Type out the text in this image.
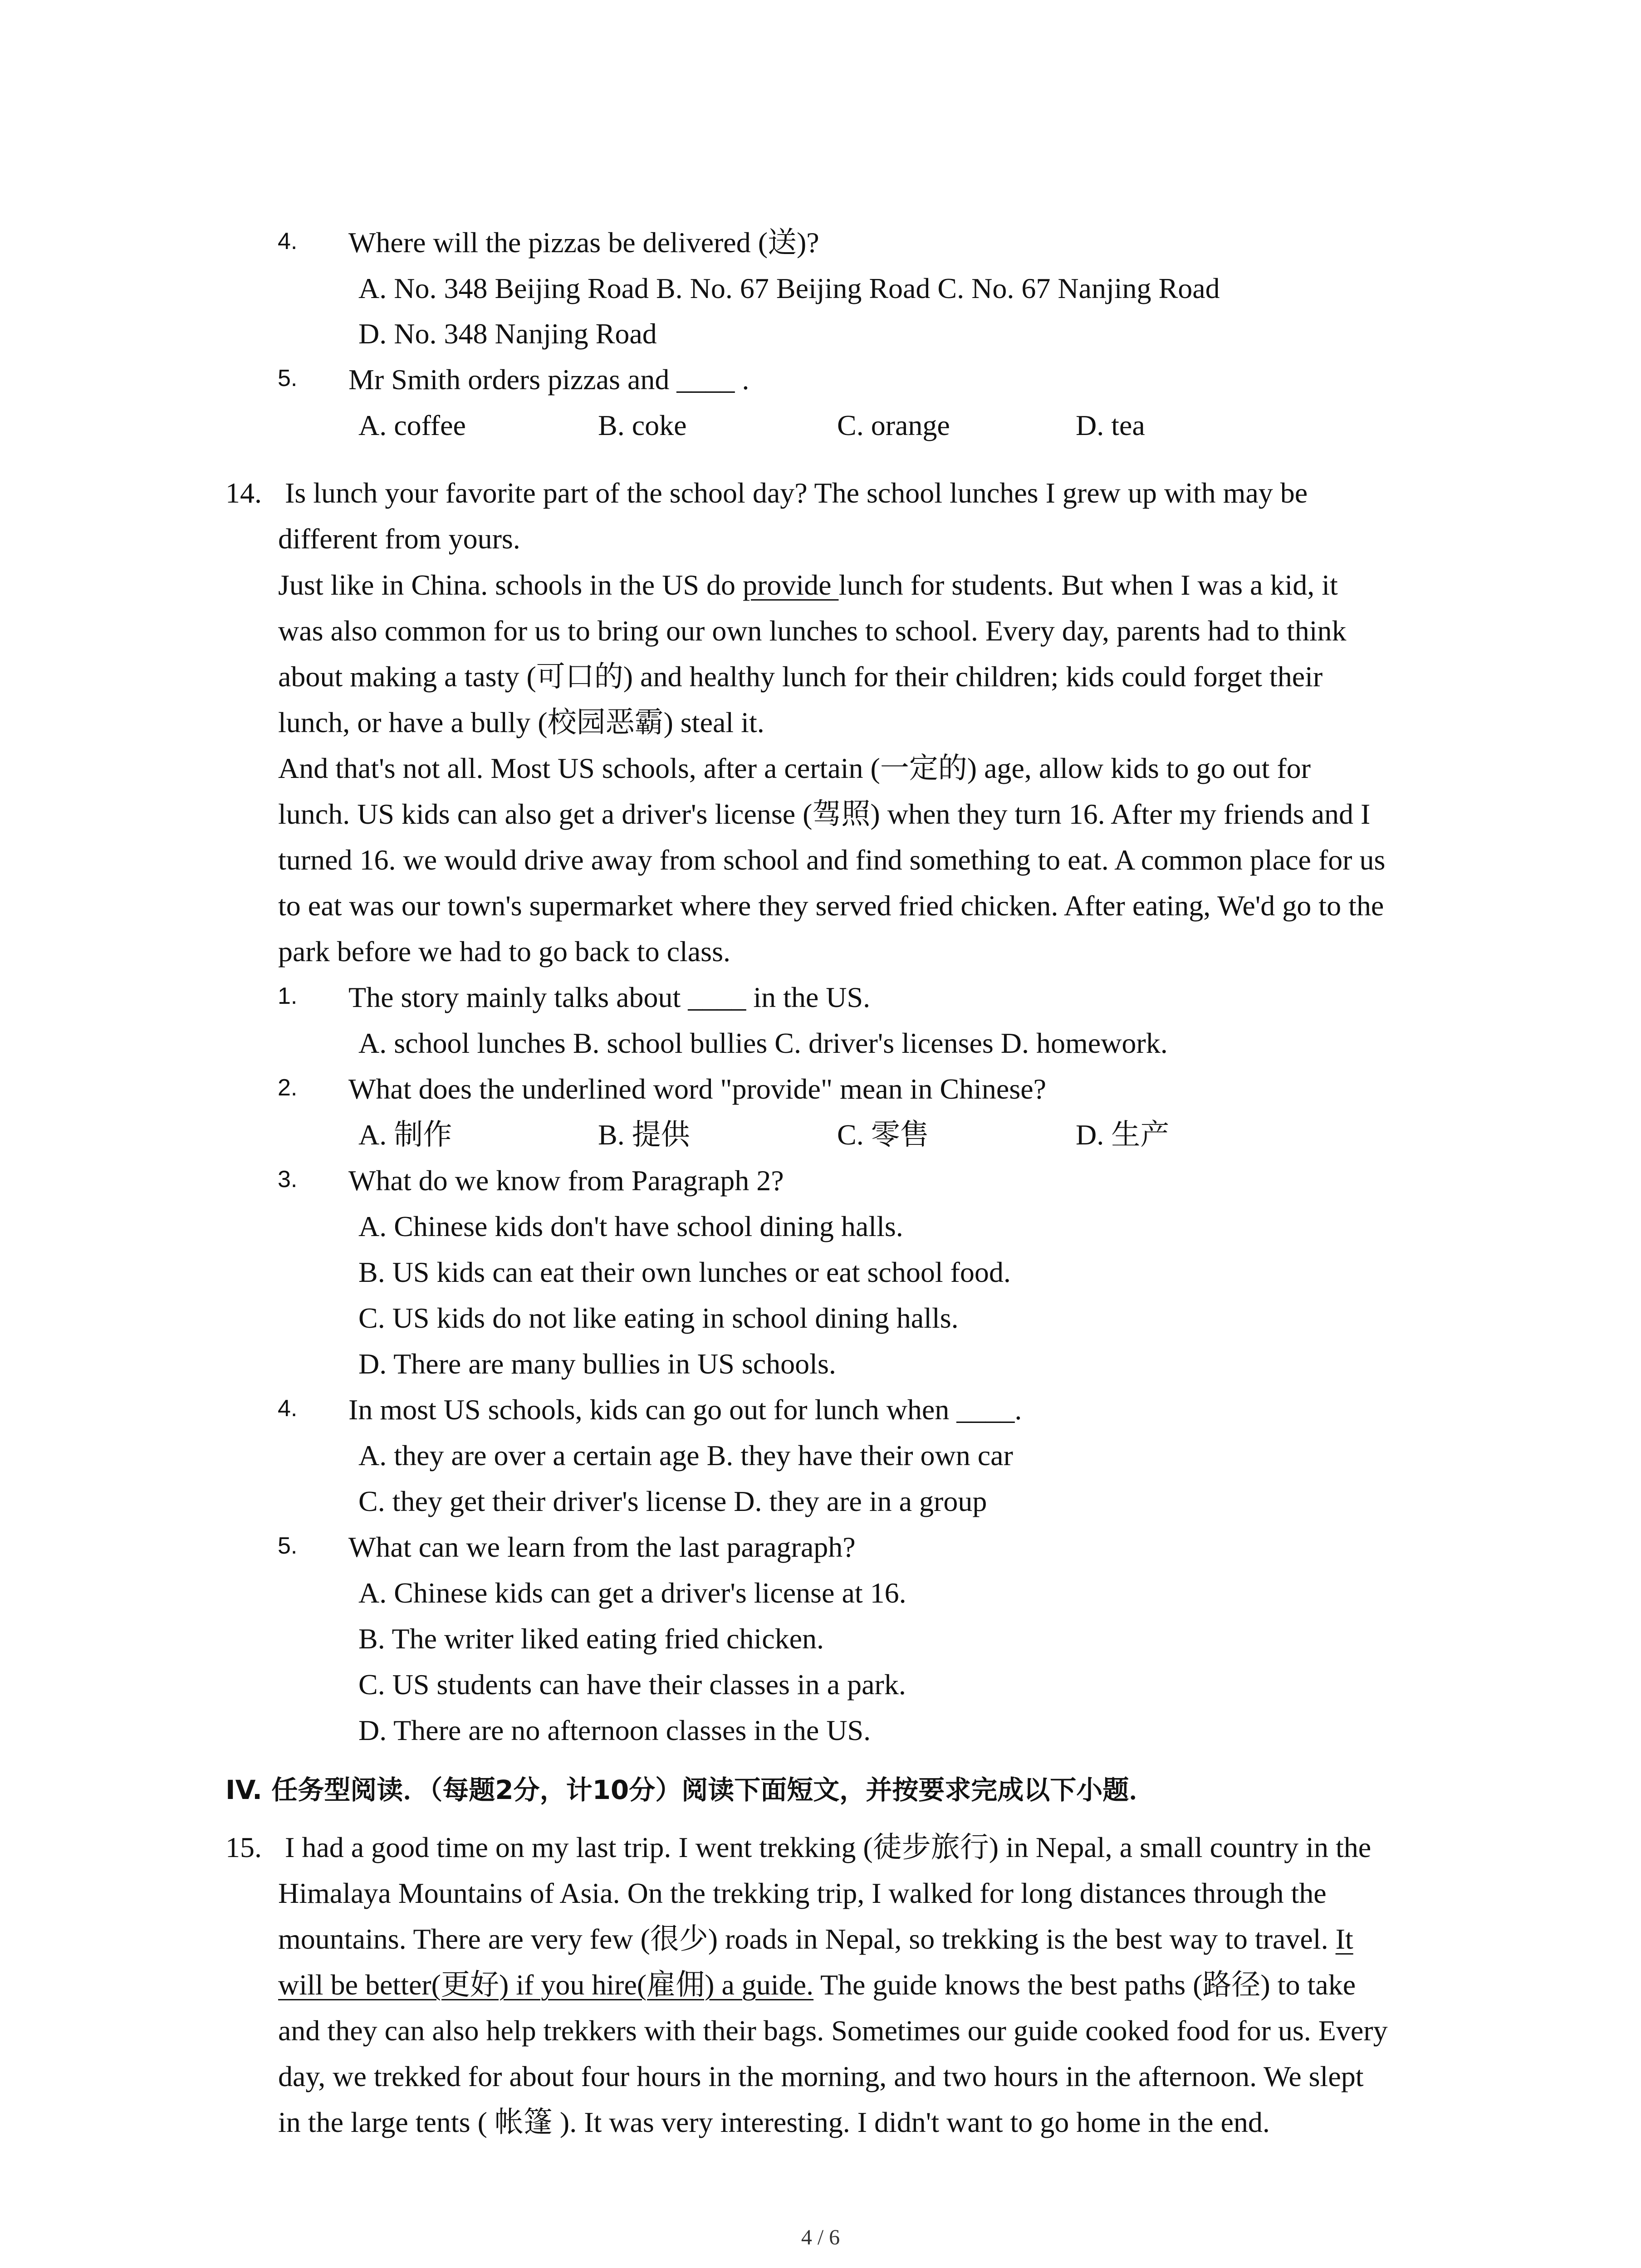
4. Where will the pizzas be delivered (送)?
A. No. 348 Beijing Road B. No. 67 Beijing Road C. No. 67 Nanjing Road
D. No. 348 Nanjing Road
5. Mr Smith orders pizzas and ____ .
A. coffee	B. coke	C. orange	D. tea
14. Is lunch your favorite part of the school day? The school lunches I grew up with may be
different from yours.
Just like in China. schools in the US do provide lunch for students. But when I was a kid, it
was also common for us to bring our own lunches to school. Every day, parents had to think
about making a tasty (可口的) and healthy lunch for their children; kids could forget their
lunch, or have a bully (校园恶霸) steal it.
And that's not all. Most US schools, after a certain (一定的) age, allow kids to go out for
lunch. US kids can also get a driver's license (驾照) when they turn 16. After my friends and I
turned 16. we would drive away from school and find something to eat. A common place for us
to eat was our town's supermarket where they served fried chicken. After eating, We'd go to the
park before we had to go back to class.
1. The story mainly talks about ____ in the US.
A. school lunches B. school bullies C. driver's licenses D. homework.
2. What does the underlined word "provide" mean in Chinese?
A. 制作	B. 提供	C. 零售	D. 生产
3. What do we know from Paragraph 2?
A. Chinese kids don't have school dining halls.
B. US kids can eat their own lunches or eat school food.
C. US kids do not like eating in school dining halls.
D. There are many bullies in US schools.
4. In most US schools, kids can go out for lunch when ____.
A. they are over a certain age B. they have their own car
C. they get their driver's license D. they are in a group
5. What can we learn from the last paragraph?
A. Chinese kids can get a driver's license at 16.
B. The writer liked eating fried chicken.
C. US students can have their classes in a park.
D. There are no afternoon classes in the US.
IV. 任务型阅读．（每题2分，计10分）阅读下面短文，并按要求完成以下小题．
15. I had a good time on my last trip. I went trekking (徒步旅行) in Nepal, a small country in the
Himalaya Mountains of Asia. On the trekking trip, I walked for long distances through the
mountains. There are very few (很少) roads in Nepal, so trekking is the best way to travel. It
will be better(更好) if you hire(雇佣) a guide. The guide knows the best paths (路径) to take
and they can also help trekkers with their bags. Sometimes our guide cooked food for us. Every
day, we trekked for about four hours in the morning, and two hours in the afternoon. We slept
in the large tents ( 帐篷 ). It was very interesting. I didn't want to go home in the end.
4 / 6
